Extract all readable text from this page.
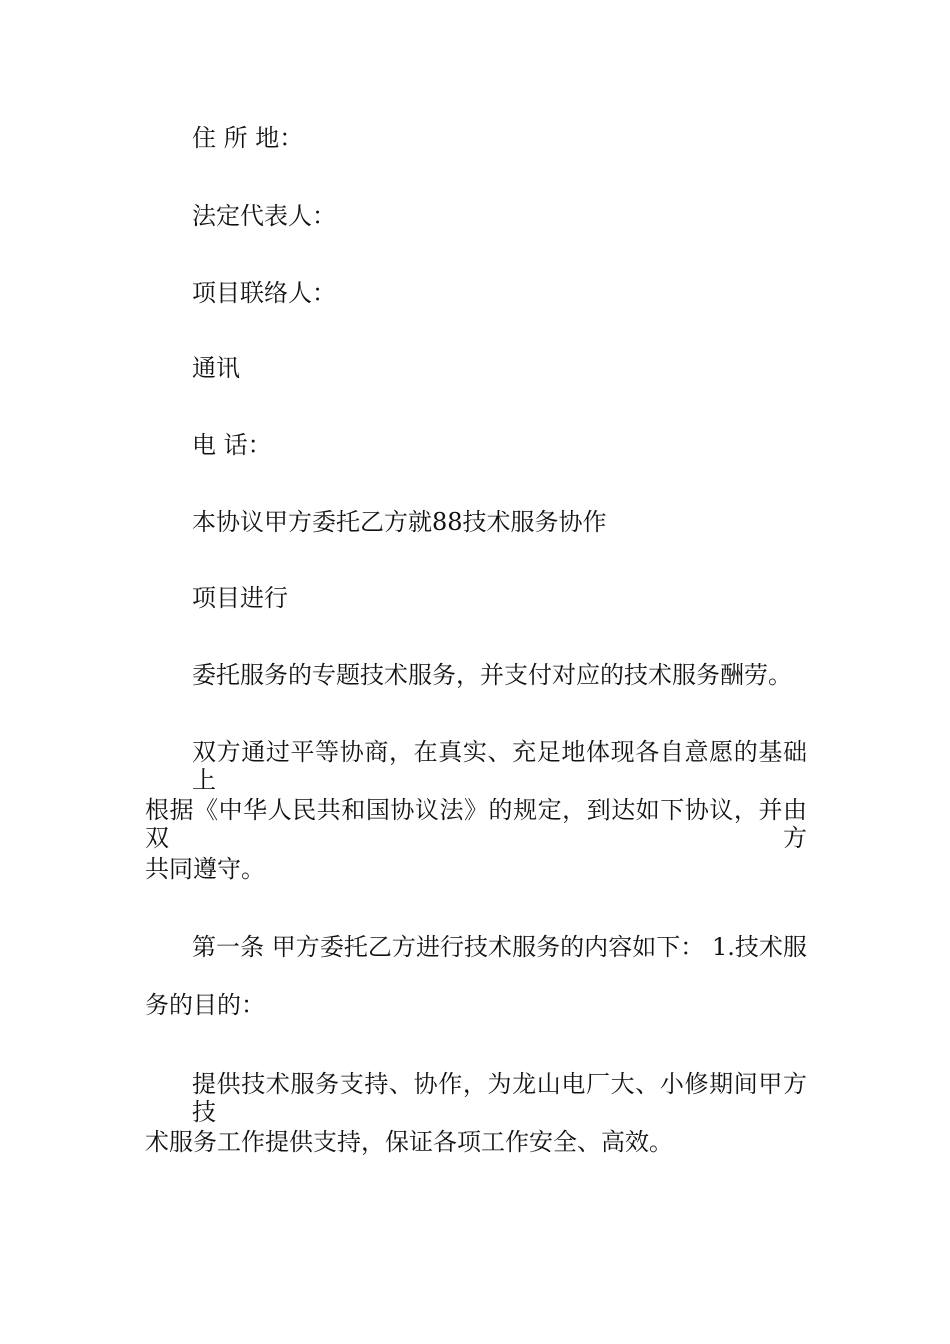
住 所 地：
法定代表人：
项目联络人：
通讯
电 话：
本协议甲方委托乙方就88技术服务协作
项目进行
委托服务的专题技术服务，并支付对应的技术服务酬劳。
双方通过平等协商，在真实、充足地体现各自意愿的基础上
根据《中华人民共和国协议法》的规定，到达如下协议，并由双方
共同遵守。
第一条 甲方委托乙方进行技术服务的内容如下： 1.技术服
务的目的：
提供技术服务支持、协作，为龙山电厂大、小修期间甲方技
术服务工作提供支持，保证各项工作安全、高效。
